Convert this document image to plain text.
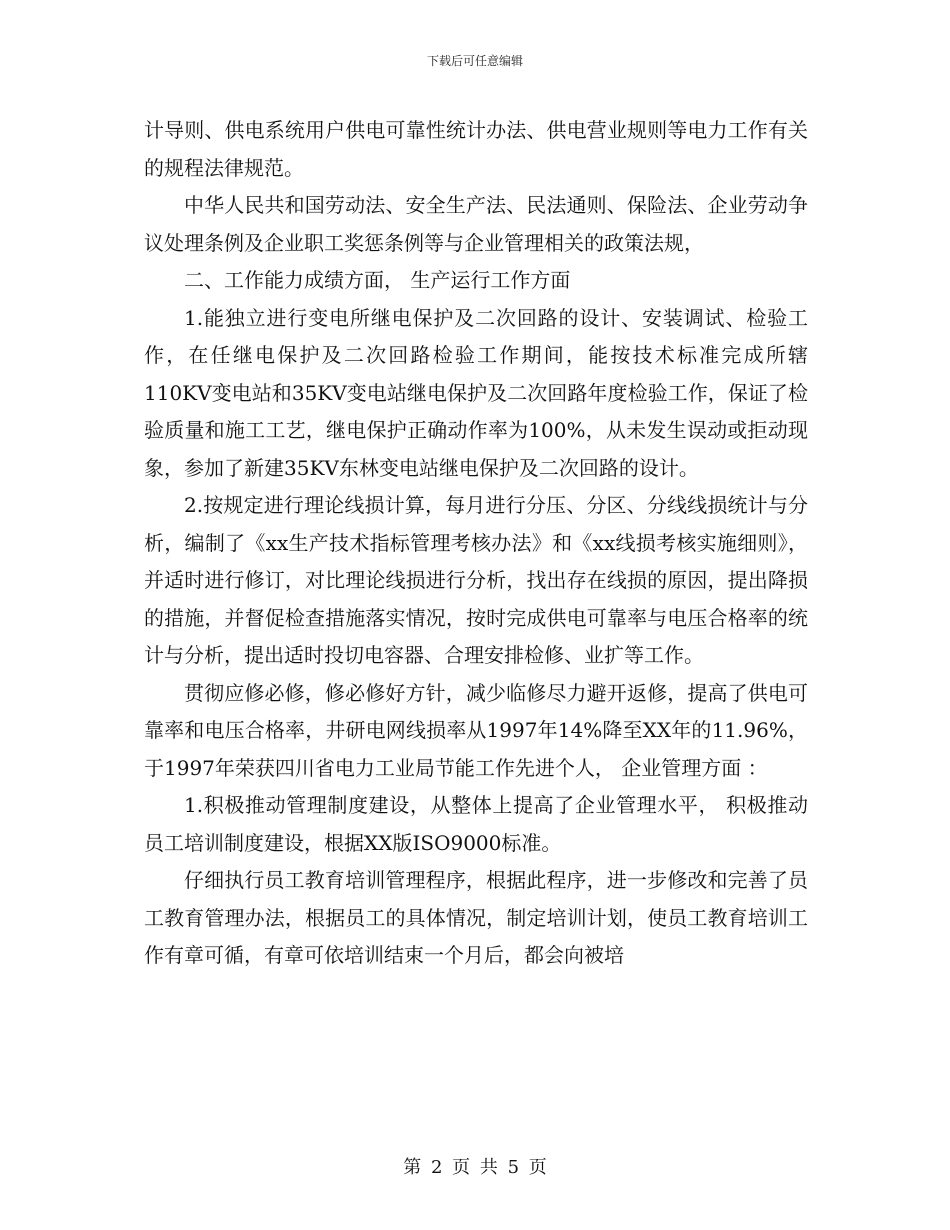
下载后可任意编辑

计导则、供电系统用户供电可靠性统计办法、供电营业规则等电力工作有关的规程法律规范。

中华人民共和国劳动法、安全生产法、民法通则、保险法、企业劳动争议处理条例及企业职工奖惩条例等与企业管理相关的政策法规，

二、工作能力成绩方面， 生产运行工作方面

1.能独立进行变电所继电保护及二次回路的设计、安装调试、检验工作，在任继电保护及二次回路检验工作期间，能按技术标准完成所辖110KV变电站和35KV变电站继电保护及二次回路年度检验工作，保证了检验质量和施工工艺，继电保护正确动作率为100%，从未发生误动或拒动现象，参加了新建35KV东林变电站继电保护及二次回路的设计。

2.按规定进行理论线损计算，每月进行分压、分区、分线线损统计与分析，编制了《xx生产技术指标管理考核办法》和《xx线损考核实施细则》，并适时进行修订，对比理论线损进行分析，找出存在线损的原因，提出降损的措施，并督促检查措施落实情况，按时完成供电可靠率与电压合格率的统计与分析，提出适时投切电容器、合理安排检修、业扩等工作。

贯彻应修必修，修必修好方针，减少临修尽力避开返修，提高了供电可靠率和电压合格率，井研电网线损率从1997年14%降至XX年的11.96%，于1997年荣获四川省电力工业局节能工作先进个人， 企业管理方面 ：

1.积极推动管理制度建设，从整体上提高了企业管理水平， 积极推动员工培训制度建设，根据XX版ISO9000标准。

仔细执行员工教育培训管理程序，根据此程序，进一步修改和完善了员工教育管理办法，根据员工的具体情况，制定培训计划，使员工教育培训工作有章可循，有章可依培训结束一个月后，都会向被培

第 2 页 共 5 页
